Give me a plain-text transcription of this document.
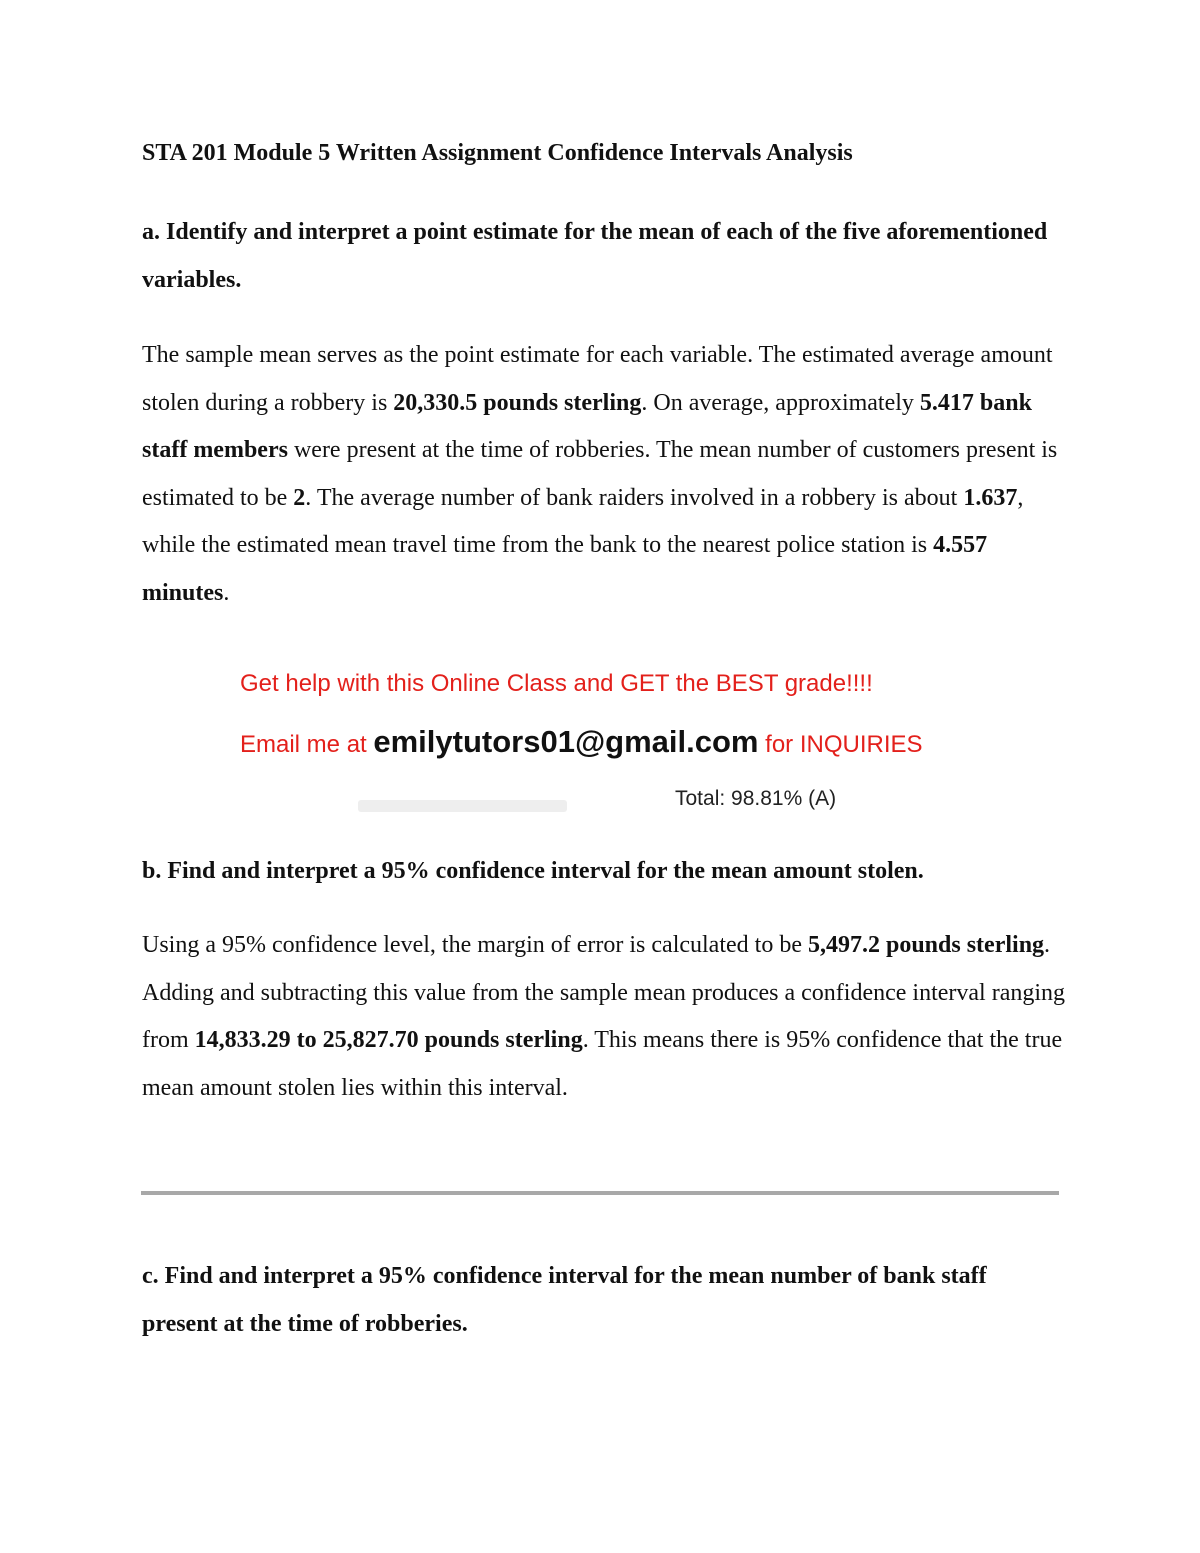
STA 201 Module 5 Written Assignment Confidence Intervals Analysis
a. Identify and interpret a point estimate for the mean of each of the five aforementioned variables.
The sample mean serves as the point estimate for each variable. The estimated average amount stolen during a robbery is 20,330.5 pounds sterling. On average, approximately 5.417 bank staff members were present at the time of robberies. The mean number of customers present is estimated to be 2. The average number of bank raiders involved in a robbery is about 1.637, while the estimated mean travel time from the bank to the nearest police station is 4.557 minutes.
Get help with this Online Class and GET the BEST grade!!!!
Email me at emilytutors01@gmail.com for INQUIRIES
Total: 98.81% (A)
b. Find and interpret a 95% confidence interval for the mean amount stolen.
Using a 95% confidence level, the margin of error is calculated to be 5,497.2 pounds sterling. Adding and subtracting this value from the sample mean produces a confidence interval ranging from 14,833.29 to 25,827.70 pounds sterling. This means there is 95% confidence that the true mean amount stolen lies within this interval.
c. Find and interpret a 95% confidence interval for the mean number of bank staff present at the time of robberies.
